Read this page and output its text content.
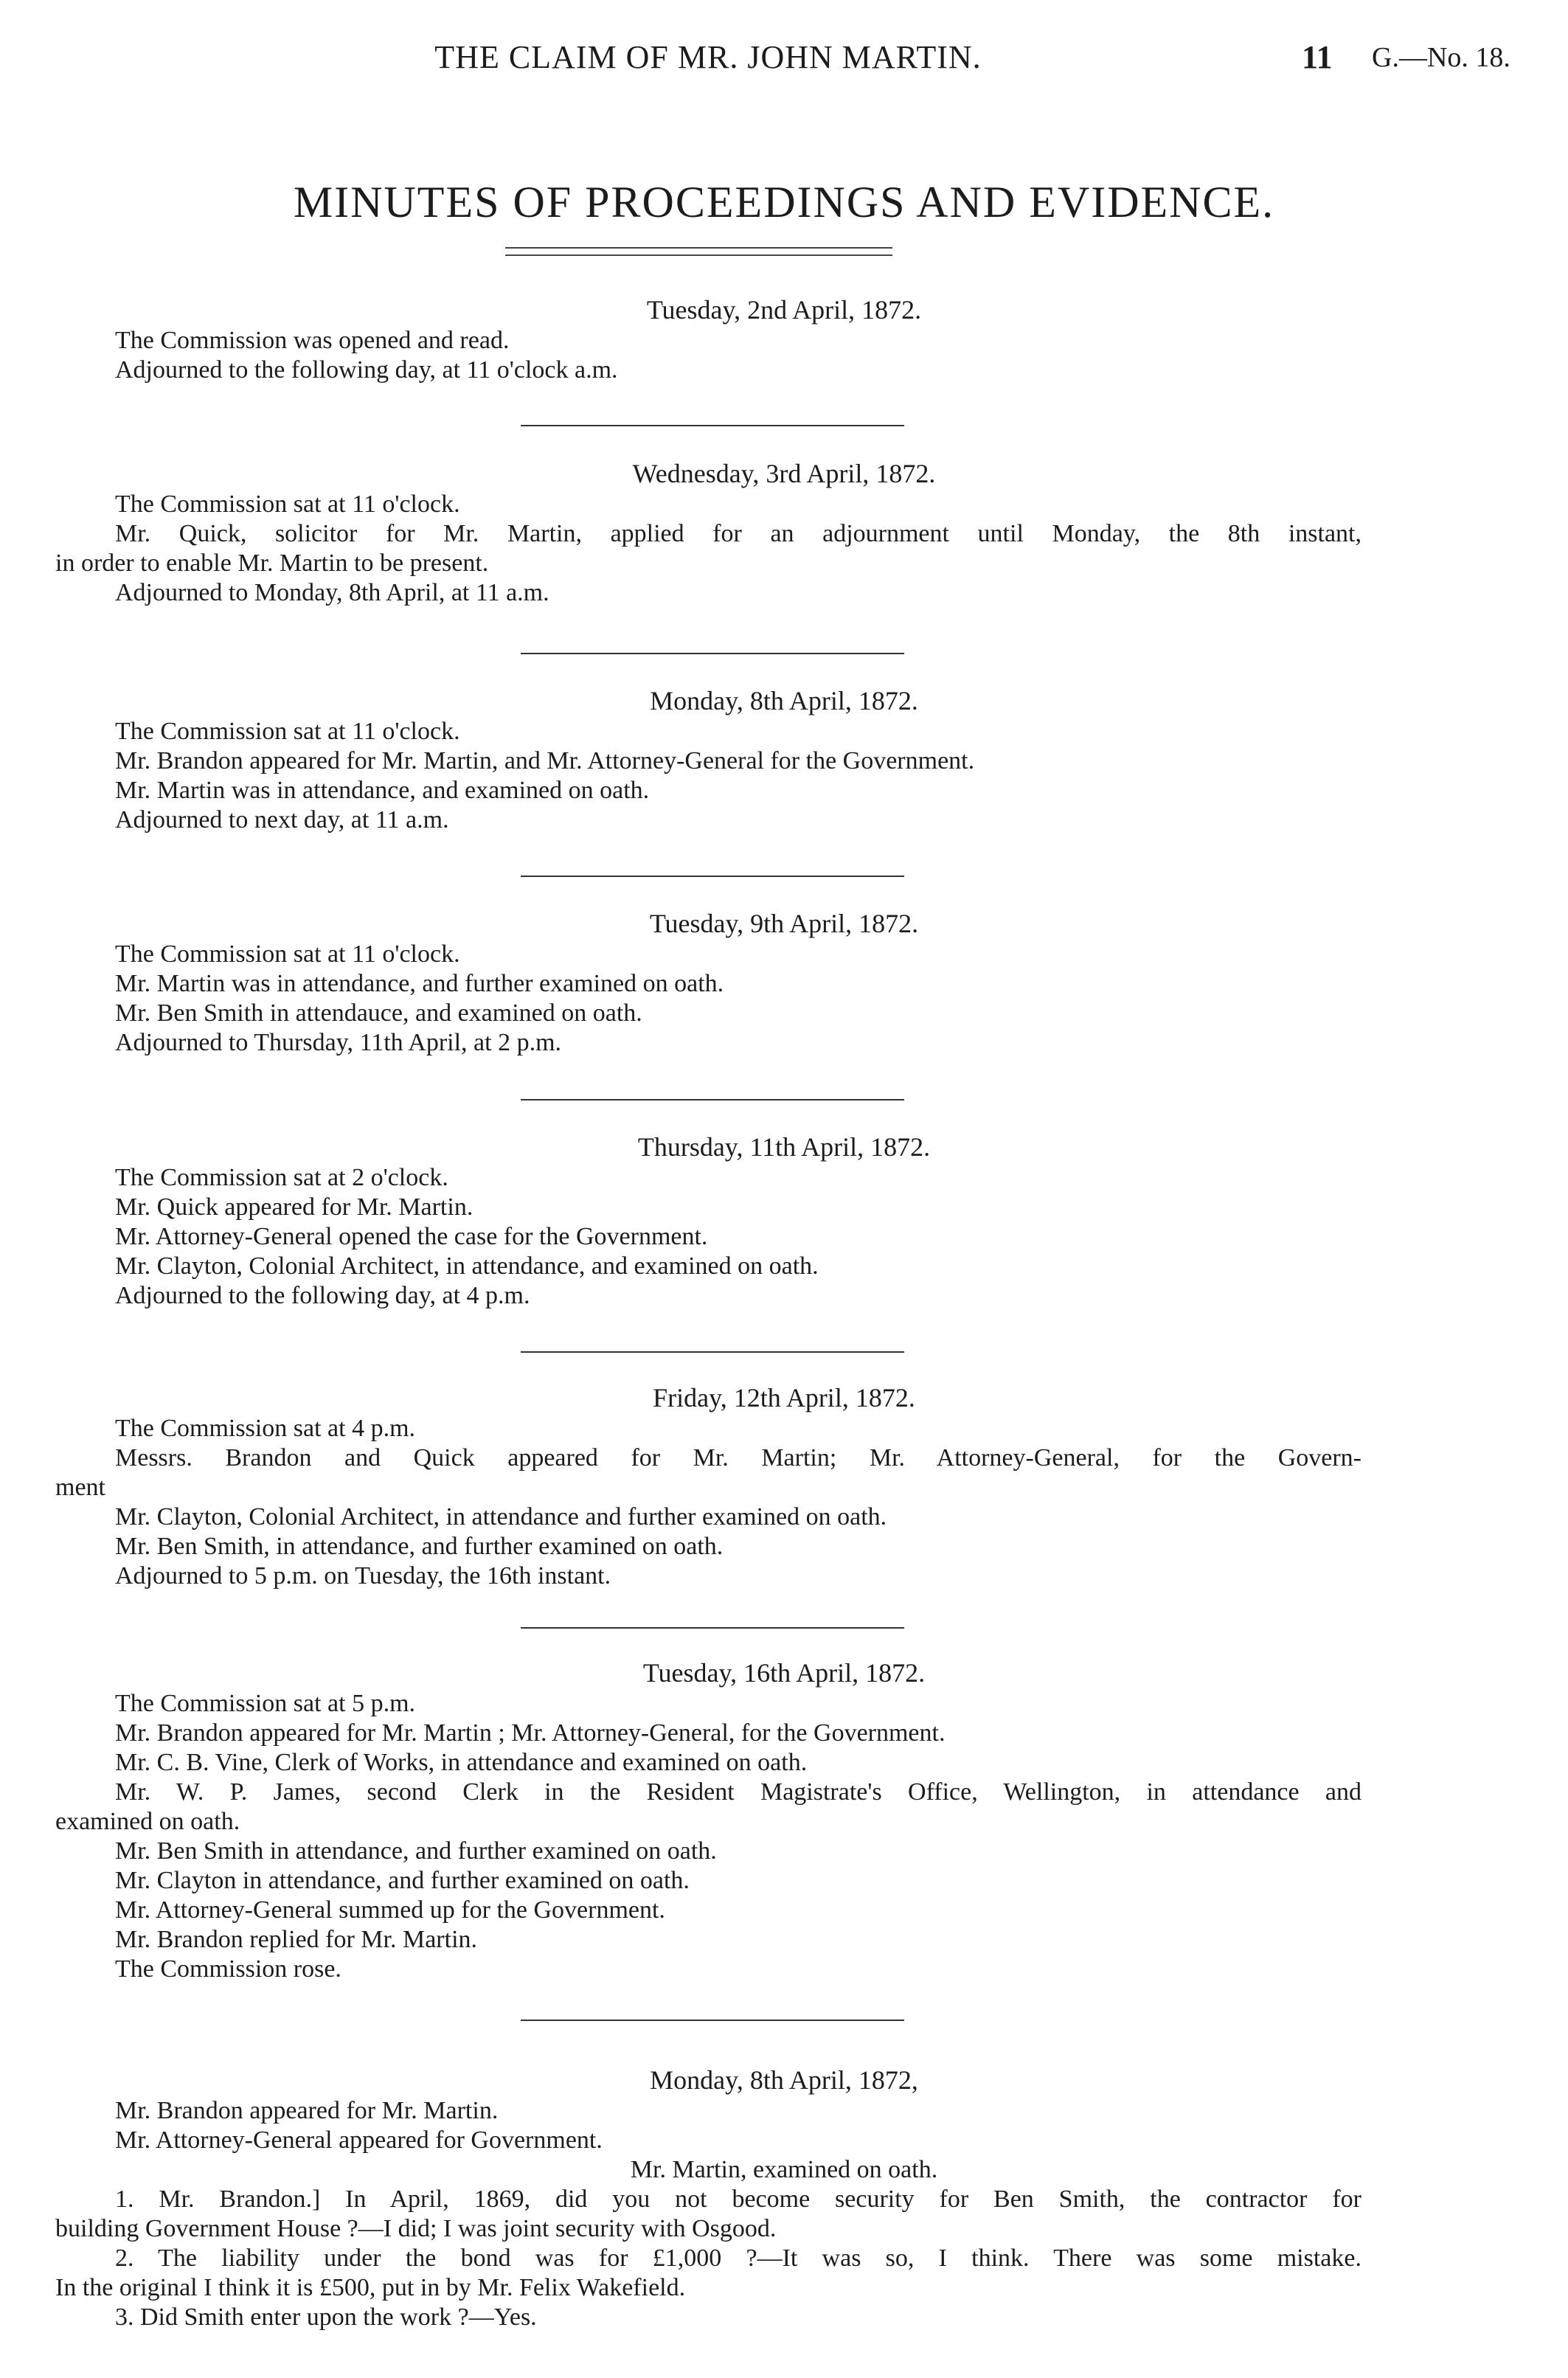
THE CLAIM OF MR. JOHN MARTIN.	11 G.—No. 18.
MINUTES OF PROCEEDINGS AND EVIDENCE.
Tuesday, 2nd April, 1872.
The Commission was opened and read.
Adjourned to the following day, at 11 o'clock a.m.
Wednesday, 3rd April, 1872.
The Commission sat at 11 o'clock.
Mr. Quick, solicitor for Mr. Martin, applied for an adjournment until Monday, the 8th instant,
in order to enable Mr. Martin to be present.
Adjourned to Monday, 8th April, at 11 a.m.
Monday, 8th April, 1872.
The Commission sat at 11 o'clock.
Mr. Brandon appeared for Mr. Martin, and Mr. Attorney-General for the Government.
Mr. Martin was in attendance, and examined on oath.
Adjourned to next day, at 11 a.m.
Tuesday, 9th April, 1872.
The Commission sat at 11 o'clock.
Mr. Martin was in attendance, and further examined on oath.
Mr. Ben Smith in attendauce, and examined on oath.
Adjourned to Thursday, 11th April, at 2 p.m.
Thursday, 11th April, 1872.
The Commission sat at 2 o'clock.
Mr. Quick appeared for Mr. Martin.
Mr. Attorney-General opened the case for the Government.
Mr. Clayton, Colonial Architect, in attendance, and examined on oath.
Adjourned to the following day, at 4 p.m.
Friday, 12th April, 1872.
The Commission sat at 4 p.m.
Messrs. Brandon and Quick appeared for Mr. Martin; Mr. Attorney-General, for the Govern-
ment
Mr. Clayton, Colonial Architect, in attendance and further examined on oath.
Mr. Ben Smith, in attendance, and further examined on oath.
Adjourned to 5 p.m. on Tuesday, the 16th instant.
Tuesday, 16th April, 1872.
The Commission sat at 5 p.m.
Mr. Brandon appeared for Mr. Martin ; Mr. Attorney-General, for the Government.
Mr. C. B. Vine, Clerk of Works, in attendance and examined on oath.
Mr. W. P. James, second Clerk in the Resident Magistrate's Office, Wellington, in attendance and
examined on oath.
Mr. Ben Smith in attendance, and further examined on oath.
Mr. Clayton in attendance, and further examined on oath.
Mr. Attorney-General summed up for the Government.
Mr. Brandon replied for Mr. Martin.
The Commission rose.
Monday, 8th April, 1872,
Mr. Brandon appeared for Mr. Martin.
Mr. Attorney-General appeared for Government.
Mr. Martin, examined on oath.
1. Mr. Brandon.] In April, 1869, did you not become security for Ben Smith, the contractor for
building Government House ?—I did; I was joint security with Osgood.
2. The liability under the bond was for £1,000 ?—It was so, I think. There was some mistake.
In the original I think it is £500, put in by Mr. Felix Wakefield.
3. Did Smith enter upon the work ?—Yes.
